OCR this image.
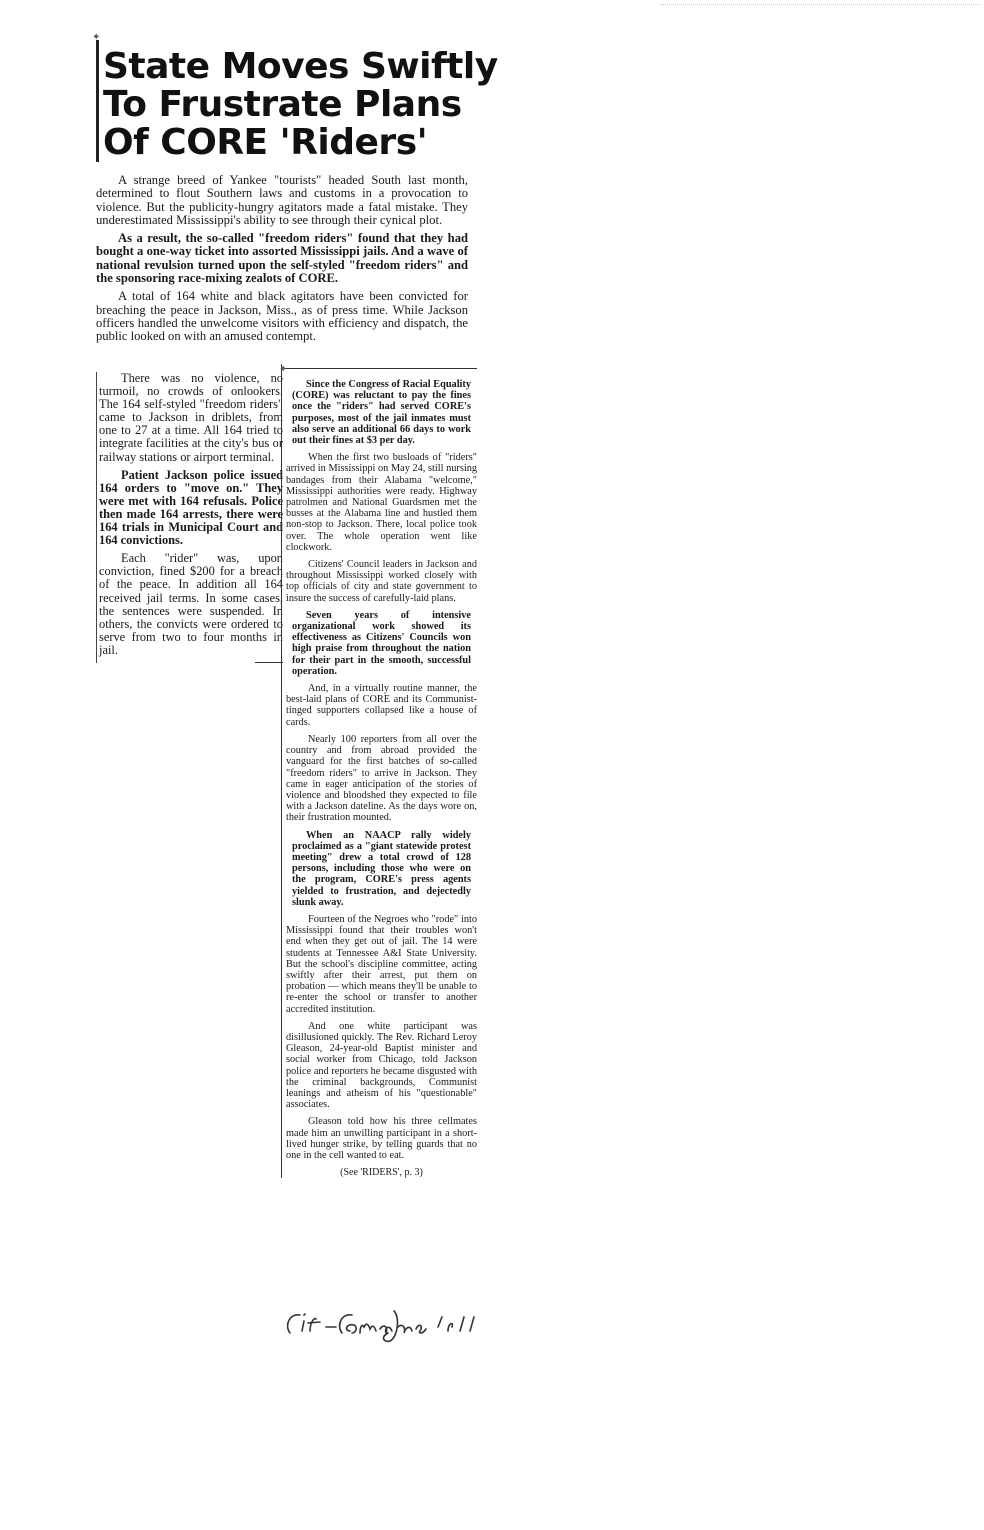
State Moves Swiftly
To Frustrate Plans
Of CORE 'Riders'

A strange breed of Yankee "tourists" headed South last month, determined to flout Southern laws and customs in a provocation to violence. But the publicity-hungry agitators made a fatal mistake. They underestimated Mississippi's ability to see through their cynical plot.

As a result, the so-called "freedom riders" found that they had bought a one-way ticket into assorted Mississippi jails. And a wave of national revulsion turned upon the self-styled "freedom riders" and the sponsoring race-mixing zealots of CORE.

A total of 164 white and black agitators have been convicted for breaching the peace in Jackson, Miss., as of press time. While Jackson officers handled the unwelcome visitors with efficiency and dispatch, the public looked on with an amused contempt.

There was no violence, no turmoil, no crowds of onlookers. The 164 self-styled "freedom riders" came to Jackson in driblets, from one to 27 at a time. All 164 tried to integrate facilities at the city's bus or railway stations or airport terminal.

Patient Jackson police issued 164 orders to "move on." They were met with 164 refusals. Police then made 164 arrests, there were 164 trials in Municipal Court and 164 convictions.

Each "rider" was, upon conviction, fined $200 for a breach of the peace. In addition all 164 received jail terms. In some cases, the sentences were suspended. In others, the convicts were ordered to serve from two to four months in jail.

Since the Congress of Racial Equality (CORE) was reluctant to pay the fines once the "riders" had served CORE's purposes, most of the jail inmates must also serve an additional 66 days to work out their fines at $3 per day.

When the first two busloads of "riders" arrived in Mississippi on May 24, still nursing bandages from their Alabama "welcome," Mississippi authorities were ready. Highway patrolmen and National Guardsmen met the busses at the Alabama line and hustled them non-stop to Jackson. There, local police took over. The whole operation went like clockwork.

Citizens' Council leaders in Jackson and throughout Mississippi worked closely with top officials of city and state government to insure the success of carefully-laid plans.

Seven years of intensive organizational work showed its effectiveness as Citizens' Councils won high praise from throughout the nation for their part in the smooth, successful operation.

And, in a virtually routine manner, the best-laid plans of CORE and its Communist-tinged supporters collapsed like a house of cards.

Nearly 100 reporters from all over the country and from abroad provided the vanguard for the first batches of so-called "freedom riders" to arrive in Jackson. They came in eager anticipation of the stories of violence and bloodshed they expected to file with a Jackson dateline. As the days wore on, their frustration mounted.

When an NAACP rally widely proclaimed as a "giant statewide protest meeting" drew a total crowd of 128 persons, including those who were on the program, CORE's press agents yielded to frustration, and dejectedly slunk away.

Fourteen of the Negroes who "rode" into Mississippi found that their troubles won't end when they get out of jail. The 14 were students at Tennessee A&I State University. But the school's discipline committee, acting swiftly after their arrest, put them on probation — which means they'll be unable to re-enter the school or transfer to another accredited institution.

And one white participant was disillusioned quickly. The Rev. Richard Leroy Gleason, 24-year-old Baptist minister and social worker from Chicago, told Jackson police and reporters he became disgusted with the criminal backgrounds, Communist leanings and atheism of his "questionable" associates.

Gleason told how his three cellmates made him an unwilling participant in a short-lived hunger strike, by telling guards that no one in the cell wanted to eat.

(See 'RIDERS', p. 3)
✦
✦
